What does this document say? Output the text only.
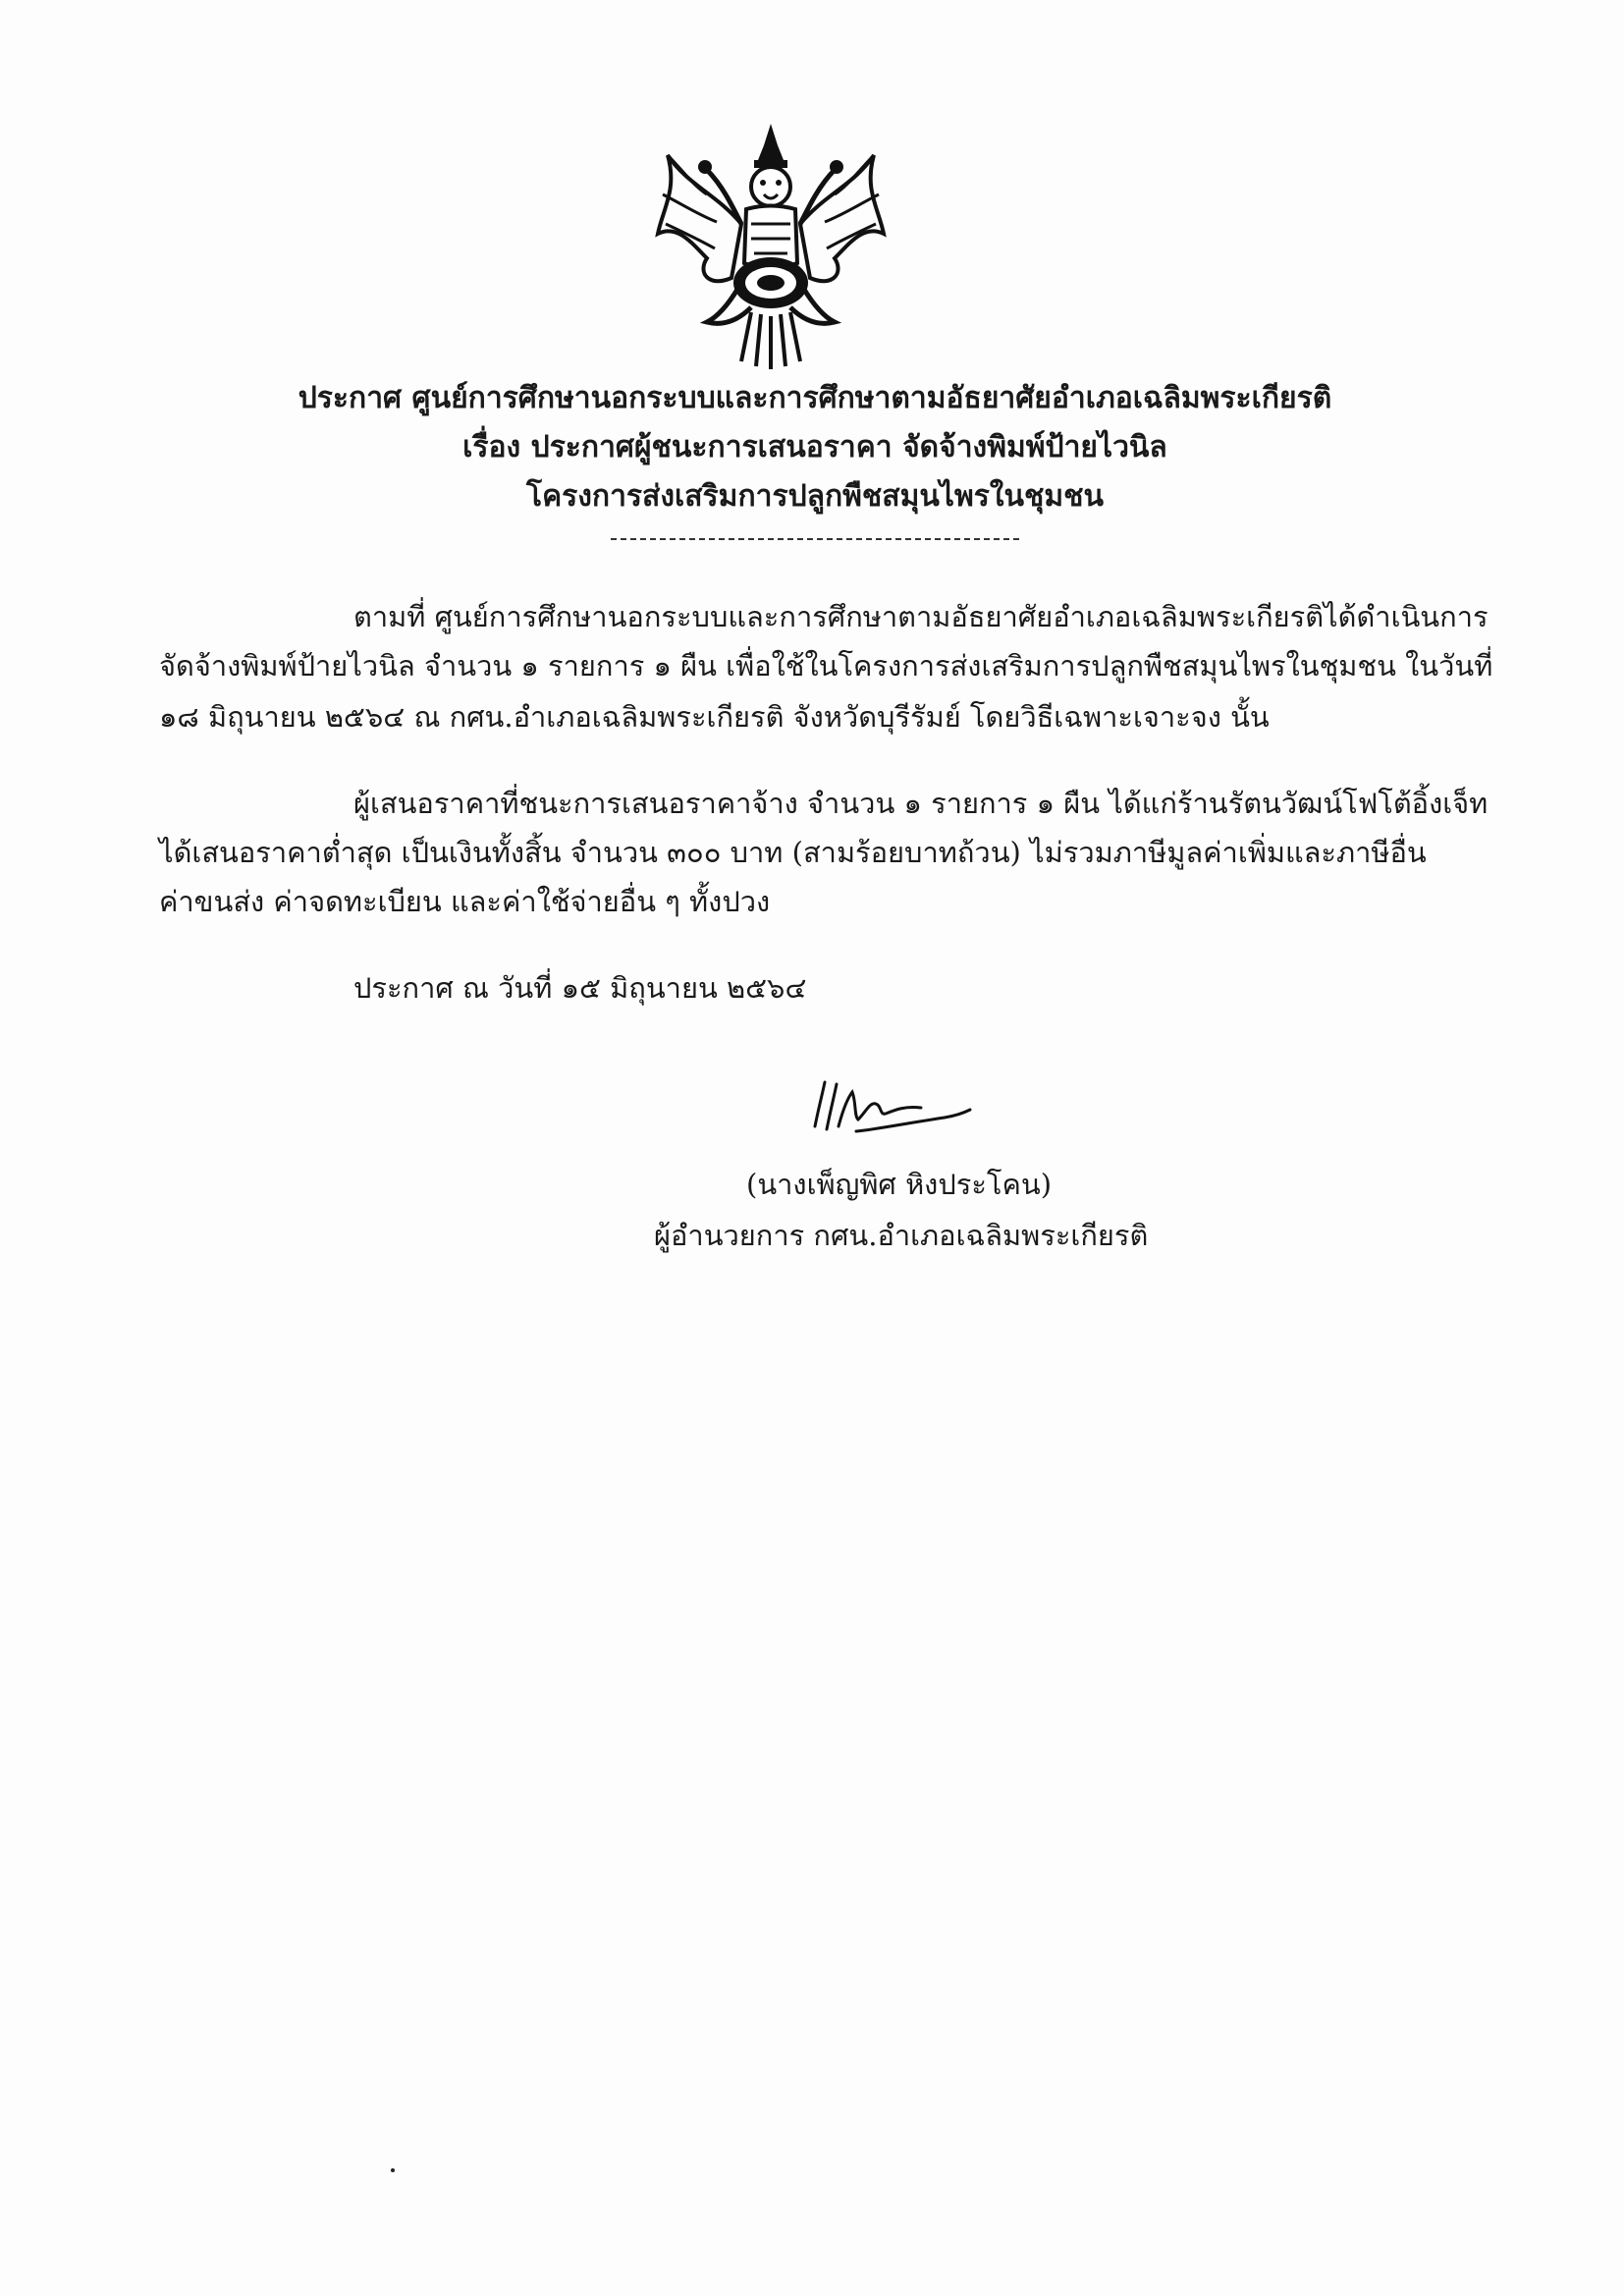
ประกาศ ศูนย์การศึกษานอกระบบและการศึกษาตามอัธยาศัยอำเภอเฉลิมพระเกียรติ
เรื่อง ประกาศผู้ชนะการเสนอราคา จัดจ้างพิมพ์ป้ายไวนิล
โครงการส่งเสริมการปลูกพืชสมุนไพรในชุมชน
ตามที่ ศูนย์การศึกษานอกระบบและการศึกษาตามอัธยาศัยอำเภอเฉลิมพระเกียรติได้ดำเนินการ
จัดจ้างพิมพ์ป้ายไวนิล จำนวน ๑ รายการ ๑ ผืน เพื่อใช้ในโครงการส่งเสริมการปลูกพืชสมุนไพรในชุมชน ในวันที่
๑๘ มิถุนายน ๒๕๖๔ ณ กศน.อำเภอเฉลิมพระเกียรติ จังหวัดบุรีรัมย์ โดยวิธีเฉพาะเจาะจง นั้น
ผู้เสนอราคาที่ชนะการเสนอราคาจ้าง จำนวน ๑ รายการ ๑ ผืน ได้แก่ร้านรัตนวัฒน์โฟโต้อิ้งเจ็ท
ได้เสนอราคาต่ำสุด เป็นเงินทั้งสิ้น จำนวน ๓๐๐ บาท (สามร้อยบาทถ้วน) ไม่รวมภาษีมูลค่าเพิ่มและภาษีอื่น
ค่าขนส่ง ค่าจดทะเบียน และค่าใช้จ่ายอื่น ๆ ทั้งปวง
ประกาศ ณ วันที่ ๑๕ มิถุนายน ๒๕๖๔
(นางเพ็ญพิศ หิงประโคน)
ผู้อำนวยการ กศน.อำเภอเฉลิมพระเกียรติ
